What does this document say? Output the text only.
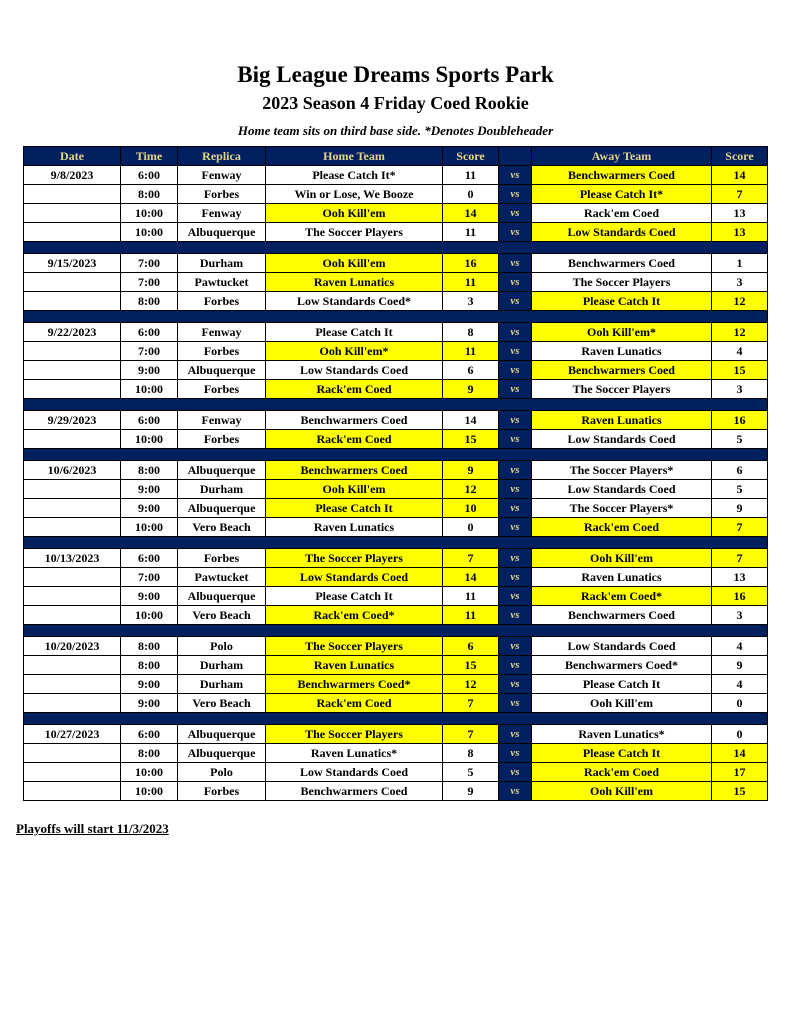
Big League Dreams Sports Park
2023 Season 4 Friday Coed Rookie
Home team sits on third base side. *Denotes Doubleheader
Date	Time	Replica	Home Team	Score		Away Team	Score
9/8/2023	6:00	Fenway	Please Catch It*	11	vs	Benchwarmers Coed	14
	8:00	Forbes	Win or Lose, We Booze	0	vs	Please Catch It*	7
	10:00	Fenway	Ooh Kill'em	14	vs	Rack'em Coed	13
	10:00	Albuquerque	The Soccer Players	11	vs	Low Standards Coed	13

9/15/2023	7:00	Durham	Ooh Kill'em	16	vs	Benchwarmers Coed	1
	7:00	Pawtucket	Raven Lunatics	11	vs	The Soccer Players	3
	8:00	Forbes	Low Standards Coed*	3	vs	Please Catch It	12

9/22/2023	6:00	Fenway	Please Catch It	8	vs	Ooh Kill'em*	12
	7:00	Forbes	Ooh Kill'em*	11	vs	Raven Lunatics	4
	9:00	Albuquerque	Low Standards Coed	6	vs	Benchwarmers Coed	15
	10:00	Forbes	Rack'em Coed	9	vs	The Soccer Players	3

9/29/2023	6:00	Fenway	Benchwarmers Coed	14	vs	Raven Lunatics	16
	10:00	Forbes	Rack'em Coed	15	vs	Low Standards Coed	5

10/6/2023	8:00	Albuquerque	Benchwarmers Coed	9	vs	The Soccer Players*	6
	9:00	Durham	Ooh Kill'em	12	vs	Low Standards Coed	5
	9:00	Albuquerque	Please Catch It	10	vs	The Soccer Players*	9
	10:00	Vero Beach	Raven Lunatics	0	vs	Rack'em Coed	7

10/13/2023	6:00	Forbes	The Soccer Players	7	vs	Ooh Kill'em	7
	7:00	Pawtucket	Low Standards Coed	14	vs	Raven Lunatics	13
	9:00	Albuquerque	Please Catch It	11	vs	Rack'em Coed*	16
	10:00	Vero Beach	Rack'em Coed*	11	vs	Benchwarmers Coed	3

10/20/2023	8:00	Polo	The Soccer Players	6	vs	Low Standards Coed	4
	8:00	Durham	Raven Lunatics	15	vs	Benchwarmers Coed*	9
	9:00	Durham	Benchwarmers Coed*	12	vs	Please Catch It	4
	9:00	Vero Beach	Rack'em Coed	7	vs	Ooh Kill'em	0

10/27/2023	6:00	Albuquerque	The Soccer Players	7	vs	Raven Lunatics*	0
	8:00	Albuquerque	Raven Lunatics*	8	vs	Please Catch It	14
	10:00	Polo	Low Standards Coed	5	vs	Rack'em Coed	17
	10:00	Forbes	Benchwarmers Coed	9	vs	Ooh Kill'em	15
Playoffs will start 11/3/2023
